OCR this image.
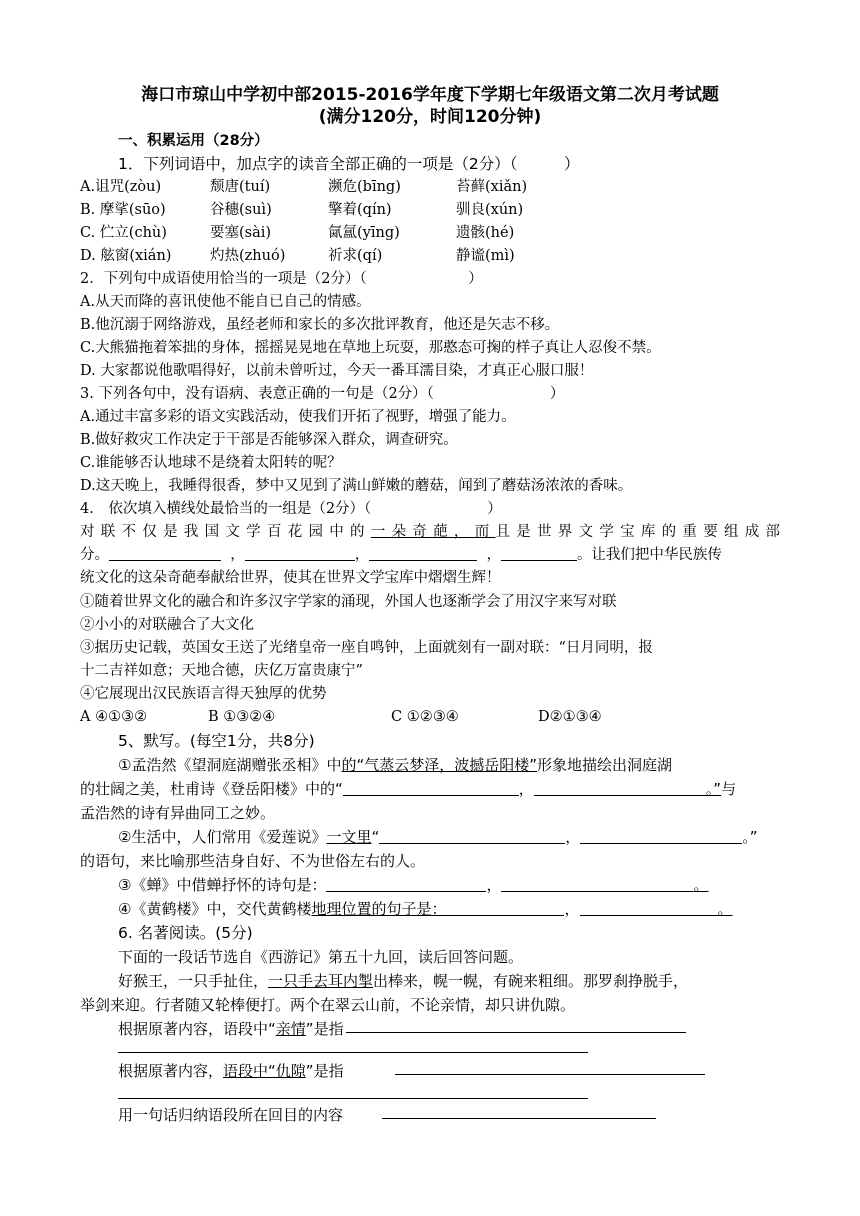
海口市琼山中学初中部2015-2016学年度下学期七年级语文第二次月考试题
(满分120分，时间120分钟)
一、积累运用（28分）
1．下列词语中，加点字的读音全部正确的一项是（2分）（　　　）
A.诅咒(zòu)	颓唐(tuí)	濒危(bīng)	苔藓(xiǎn)
B. 摩挲(sūo)	谷穗(suì)	擎着(qín)	驯良(xún)
C. 伫立(chù)	要塞(sài)	氤氲(yīng)	遗骸(hé)
D. 舷窗(xián)	灼热(zhuó)	祈求(qí)	静谧(mì)
2．下列句中成语使用恰当的一项是（2分）（　　　　　　　）
A.从天而降的喜讯使他不能自已自己的情感。
B.他沉溺于网络游戏，虽经老师和家长的多次批评教育，他还是矢志不移。
C.大熊猫拖着笨拙的身体，摇摇晃晃地在草地上玩耍，那憨态可掬的样子真让人忍俊不禁。
D. 大家都说他歌唱得好，以前未曾听过，今天一番耳濡目染，才真正心服口服！
3. 下列各句中，没有语病、表意正确的一句是（2分）（　　　　　　　　）
A.通过丰富多彩的语文实践活动，使我们开拓了视野，增强了能力。
B.做好救灾工作决定于干部是否能够深入群众，调查研究。
C.谁能够否认地球不是绕着太阳转的呢？
D.这天晚上，我睡得很香，梦中又见到了满山鲜嫩的蘑菇，闻到了蘑菇汤浓浓的香味。
4.　依次填入横线处最恰当的一组是（2分）（　　　　　　　　）
对联不仅是我国文学百花园中的一朵奇葩，而且是世界文学宝库的重要组成部
分。	，	，	，	。让我们把中华民族传
统文化的这朵奇葩奉献给世界，使其在世界文学宝库中熠熠生辉！
①随着世界文化的融合和许多汉字学家的涌现，外国人也逐渐学会了用汉字来写对联
②小小的对联融合了大文化
③据历史记载，英国女王送了光绪皇帝一座自鸣钟，上面就刻有一副对联：“日月同明，报
十二吉祥如意；天地合德，庆亿万富贵康宁”
④它展现出汉民族语言得天独厚的优势
A ④①③②	B ①③②④	C ①②③④	D②①③④
5、默写。(每空1分，共8分)
①孟浩然《望洞庭湖赠张丞相》中的“气蒸云梦泽，波撼岳阳楼”形象地描绘出洞庭湖
的壮阔之美，杜甫诗《登岳阳楼》中的“	，	。”与
孟浩然的诗有异曲同工之妙。
②生活中，人们常用《爱莲说》一文里“	，	。”
的语句，来比喻那些洁身自好、不为世俗左右的人。
③《蝉》中借蝉抒怀的诗句是：	，	。
④《黄鹤楼》中，交代黄鹤楼地理位置的句子是：	，	。
6. 名著阅读。(5分)
下面的一段话节选自《西游记》第五十九回，读后回答问题。
好猴王，一只手扯住，一只手去耳内掣出棒来，幌一幌，有碗来粗细。那罗刹挣脱手，
举剑来迎。行者随又轮棒便打。两个在翠云山前，不论亲情，却只讲仇隙。
根据原著内容，语段中“亲情”是指
根据原著内容，语段中“仇隙”是指
用一句话归纳语段所在回目的内容
